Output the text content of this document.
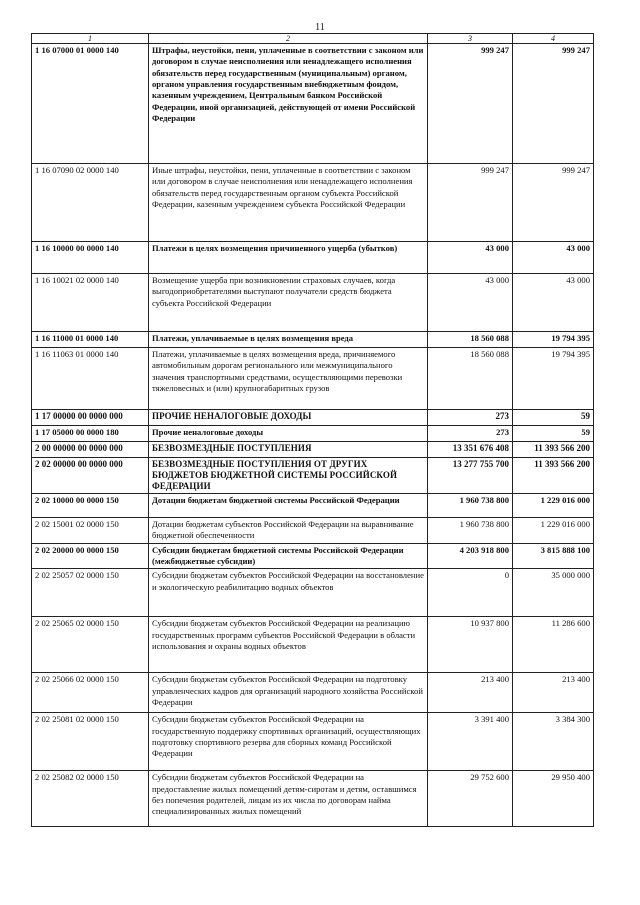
11
1	2	3	4
1 16 07000 01 0000 140	Штрафы, неустойки, пени, уплаченные в соответствии с законом или договором в случае неисполнения или ненадлежащего исполнения обязательств перед государственным (муниципальным) органом, органом управления государственным внебюджетным фондом, казенным учреждением, Центральным банком Российской Федерации, иной организацией, действующей от имени Российской Федерации	999 247	999 247
1 16 07090 02 0000 140	Иные штрафы, неустойки, пени, уплаченные в соответствии с законом или договором в случае неисполнения или ненадлежащего исполнения обязательств перед государственным органом субъекта Российской Федерации, казенным учреждением субъекта Российской Федерации	999 247	999 247
1 16 10000 00 0000 140	Платежи в целях возмещения причиненного ущерба (убытков)	43 000	43 000
1 16 10021 02 0000 140	Возмещение ущерба при возникновении страховых случаев, когда выгодоприобретателями выступают получатели средств бюджета субъекта Российской Федерации	43 000	43 000
1 16 11000 01 0000 140	Платежи, уплачиваемые в целях возмещения вреда	18 560 088	19 794 395
1 16 11063 01 0000 140	Платежи, уплачиваемые в целях возмещения вреда, причиняемого автомобильным дорогам регионального или межмуниципального значения транспортными средствами, осуществляющими перевозки тяжеловесных и (или) крупногабаритных грузов	18 560 088	19 794 395
1 17 00000 00 0000 000	ПРОЧИЕ НЕНАЛОГОВЫЕ ДОХОДЫ	273	59
1 17 05000 00 0000 180	Прочие неналоговые доходы	273	59
2 00 00000 00 0000 000	БЕЗВОЗМЕЗДНЫЕ ПОСТУПЛЕНИЯ	13 351 676 408	11 393 566 200
2 02 00000 00 0000 000	БЕЗВОЗМЕЗДНЫЕ ПОСТУПЛЕНИЯ ОТ ДРУГИХ БЮДЖЕТОВ БЮДЖЕТНОЙ СИСТЕМЫ РОССИЙСКОЙ ФЕДЕРАЦИИ	13 277 755 700	11 393 566 200
2 02 10000 00 0000 150	Дотации бюджетам бюджетной системы Российской Федерации	1 960 738 800	1 229 016 000
2 02 15001 02 0000 150	Дотации бюджетам субъектов Российской Федерации на выравнивание бюджетной обеспеченности	1 960 738 800	1 229 016 000
2 02 20000 00 0000 150	Субсидии бюджетам бюджетной системы Российской Федерации (межбюджетные субсидии)	4 203 918 800	3 815 888 100
2 02 25057 02 0000 150	Субсидии бюджетам субъектов Российской Федерации на восстановление и экологическую реабилитацию водных объектов	0	35 000 000
2 02 25065 02 0000 150	Субсидии бюджетам субъектов Российской Федерации на реализацию государственных программ субъектов Российской Федерации в области использования и охраны водных объектов	10 937 800	11 286 600
2 02 25066 02 0000 150	Субсидии бюджетам субъектов Российской Федерации на подготовку управленческих кадров для организаций народного хозяйства Российской Федерации	213 400	213 400
2 02 25081 02 0000 150	Субсидии бюджетам субъектов Российской Федерации на государственную поддержку спортивных организаций, осуществляющих подготовку спортивного резерва для сборных команд Российской Федерации	3 391 400	3 384 300
2 02 25082 02 0000 150	Субсидии бюджетам субъектов Российской Федерации на предоставление жилых помещений детям-сиротам и детям, оставшимся без попечения родителей, лицам из их числа по договорам найма специализированных жилых помещений	29 752 600	29 950 400
